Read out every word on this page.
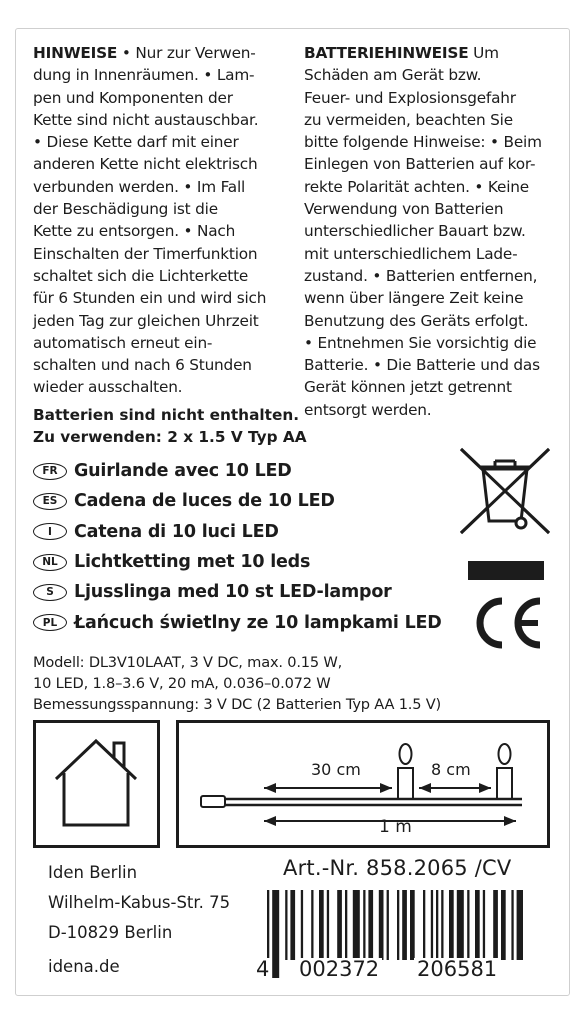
HINWEISE • Nur zur Verwen-
dung in Innenräumen. • Lam-
pen und Komponenten der
Kette sind nicht austauschbar.
• Diese Kette darf mit einer
anderen Kette nicht elektrisch
verbunden werden. • Im Fall
der Beschädigung ist die
Kette zu entsorgen. • Nach
Einschalten der Timerfunktion
schaltet sich die Lichterkette
für 6 Stunden ein und wird sich
jeden Tag zur gleichen Uhrzeit
automatisch erneut ein-
schalten und nach 6 Stunden
wieder ausschalten.
BATTERIEHINWEISE Um
Schäden am Gerät bzw.
Feuer- und Explosionsgefahr
zu vermeiden, beachten Sie
bitte folgende Hinweise: • Beim
Einlegen von Batterien auf kor-
rekte Polarität achten. • Keine
Verwendung von Batterien
unterschiedlicher Bauart bzw.
mit unterschiedlichem Lade-
zustand. • Batterien entfernen,
wenn über längere Zeit keine
Benutzung des Geräts erfolgt.
• Entnehmen Sie vorsichtig die
Batterie. • Die Batterie und das
Gerät können jetzt getrennt
entsorgt werden.
Batterien sind nicht enthalten.
Zu verwenden: 2 x 1.5 V Typ AA
FR Guirlande avec 10 LED
ES Cadena de luces de 10 LED
I	Catena di 10 luci LED
NL Lichtketting met 10 leds
S	Ljusslinga med 10 st LED-lampor
PL Łańcuch świetlny ze 10 lampkami LED
Modell: DL3V10LAAT, 3 V DC, max. 0.15 W,
10 LED, 1.8–3.6 V, 20 mA, 0.036–0.072 W
Bemessungsspannung: 3 V DC (2 Batterien Typ AA 1.5 V)
30 cm	8 cm
1 m
Iden Berlin
Wilhelm-Kabus-Str. 75
D-10829 Berlin
idena.de
Art.-Nr. 858.2065 /CV
4 002372 206581
